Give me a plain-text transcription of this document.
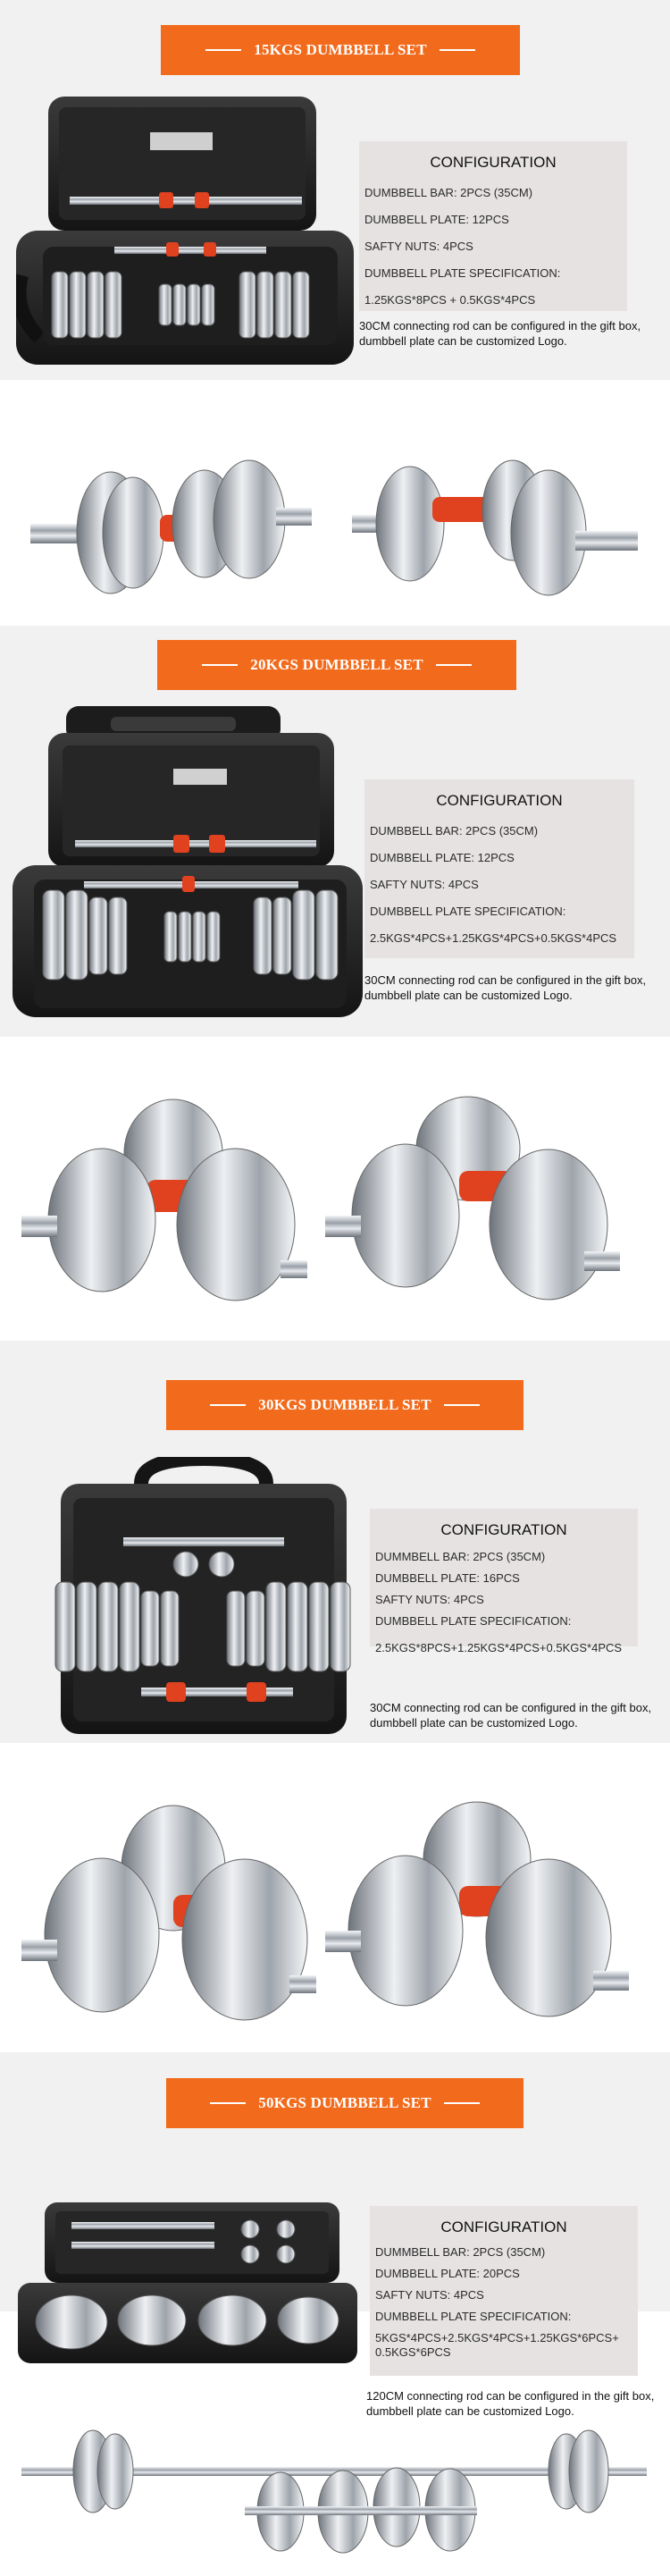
15KGS DUMBBELL SET
CONFIGURATION
DUMBBELL BAR: 2PCS (35CM)
DUMBBELL PLATE: 12PCS
SAFTY NUTS: 4PCS
DUMBBELL PLATE SPECIFICATION:
1.25KGS*8PCS + 0.5KGS*4PCS
30CM connecting rod can be configured in the gift box, dumbbell plate can be customized Logo.
20KGS DUMBBELL SET
CONFIGURATION
DUMBBELL BAR: 2PCS (35CM)
DUMBBELL PLATE: 12PCS
SAFTY NUTS: 4PCS
DUMBBELL PLATE SPECIFICATION:
2.5KGS*4PCS+1.25KGS*4PCS+0.5KGS*4PCS
30CM connecting rod can be configured in the gift box, dumbbell plate can be customized Logo.
30KGS DUMBBELL SET
CONFIGURATION
DUMMBELL BAR: 2PCS (35CM)
DUMBBELL PLATE: 16PCS
SAFTY NUTS: 4PCS
DUMBBELL PLATE SPECIFICATION:
2.5KGS*8PCS+1.25KGS*4PCS+0.5KGS*4PCS
30CM connecting rod can be configured in the gift box, dumbbell plate can be customized Logo.
50KGS DUMBBELL SET
CONFIGURATION
DUMMBELL BAR: 2PCS (35CM)
DUMBBELL PLATE: 20PCS
SAFTY NUTS: 4PCS
DUMBBELL PLATE SPECIFICATION:
5KGS*4PCS+2.5KGS*4PCS+1.25KGS*6PCS+ 0.5KGS*6PCS
120CM connecting rod can be configured in the gift box, dumbbell plate can be customized Logo.
